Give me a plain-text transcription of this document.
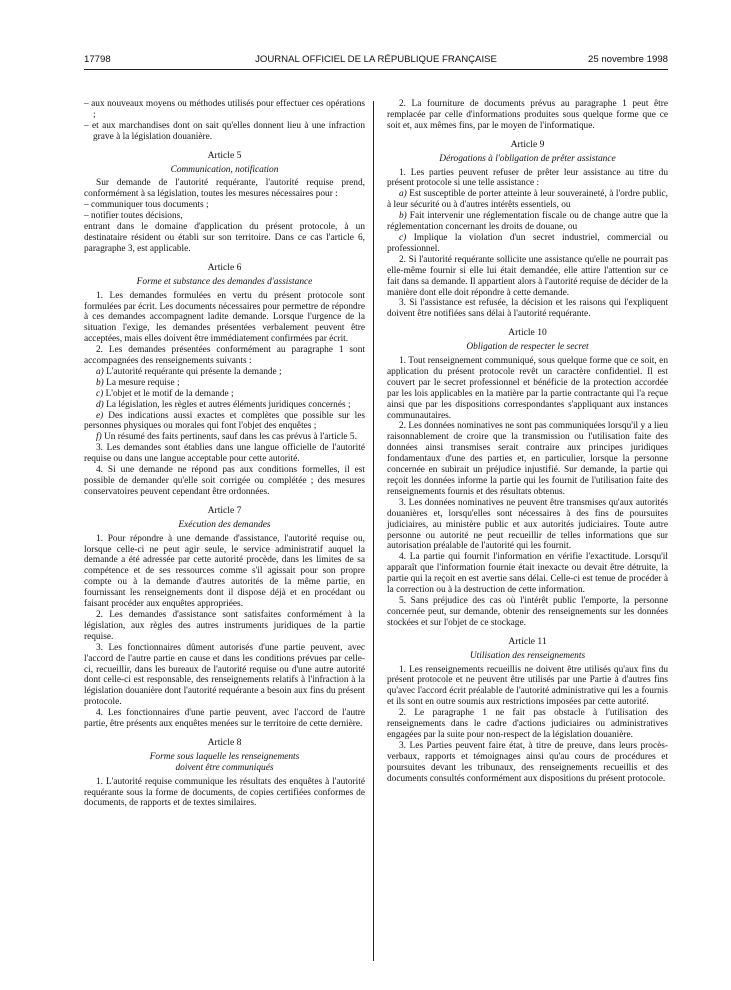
17798	JOURNAL OFFICIEL DE LA RÉPUBLIQUE FRANÇAISE	25 novembre 1998

– aux nouveaux moyens ou méthodes utilisés pour effectuer ces opérations ;

– et aux marchandises dont on sait qu'elles donnent lieu à une infraction grave à la législation douanière.

Article 5
Communication, notification

Sur demande de l'autorité requérante, l'autorité requise prend, conformément à sa législation, toutes les mesures nécessaires pour :

– communiquer tous documents ;

– notifier toutes décisions,

entrant dans le domaine d'application du présent protocole, à un destinataire résident ou établi sur son territoire. Dans ce cas l'article 6, paragraphe 3, est applicable.

Article 6
Forme et substance des demandes d'assistance

1. Les demandes formulées en vertu du présent protocole sont formulées par écrit. Les documents nécessaires pour permettre de répondre à ces demandes accompagnent ladite demande. Lorsque l'urgence de la situation l'exige, les demandes présentées verbalement peuvent être acceptées, mais elles doivent être immédiatement confirmées par écrit.

2. Les demandes présentées conformément au paragraphe 1 sont accompagnées des renseignements suivants :

a) L'autorité requérante qui présente la demande ;

b) La mesure requise ;

c) L'objet et le motif de la demande ;

d) La législation, les règles et autres éléments juridiques concernés ;

e) Des indications aussi exactes et complètes que possible sur les personnes physiques ou morales qui font l'objet des enquêtes ;

f) Un résumé des faits pertinents, sauf dans les cas prévus à l'article 5.

3. Les demandes sont établies dans une langue officielle de l'autorité requise ou dans une langue acceptable pour cette autorité.

4. Si une demande ne répond pas aux conditions formelles, il est possible de demander qu'elle soit corrigée ou complétée ; des mesures conservatoires peuvent cependant être ordonnées.

Article 7
Exécution des demandes

1. Pour répondre à une demande d'assistance, l'autorité requise ou, lorsque celle-ci ne peut agir seule, le service administratif auquel la demande a été adressée par cette autorité procède, dans les limites de sa compétence et de ses ressources comme s'il agissait pour son propre compte ou à la demande d'autres autorités de la même partie, en fournissant les renseignements dont il dispose déjà et en procédant ou faisant procéder aux enquêtes appropriées.

2. Les demandes d'assistance sont satisfaites conformément à la législation, aux règles des autres instruments juridiques de la partie requise.

3. Les fonctionnaires dûment autorisés d'une partie peuvent, avec l'accord de l'autre partie en cause et dans les conditions prévues par celle-ci, recueillir, dans les bureaux de l'autorité requise ou d'une autre autorité dont celle-ci est responsable, des renseignements relatifs à l'infraction à la législation douanière dont l'autorité requérante a besoin aux fins du présent protocole.

4. Les fonctionnaires d'une partie peuvent, avec l'accord de l'autre partie, être présents aux enquêtes menées sur le territoire de cette dernière.

Article 8
Forme sous laquelle les renseignements
doivent être communiqués

1. L'autorité requise communique les résultats des enquêtes à l'autorité requérante sous la forme de documents, de copies certifiées conformes de documents, de rapports et de textes similaires.

2. La fourniture de documents prévus au paragraphe 1 peut être remplacée par celle d'informations produites sous quelque forme que ce soit et, aux mêmes fins, par le moyen de l'informatique.

Article 9
Dérogations à l'obligation de prêter assistance

1. Les parties peuvent refuser de prêter leur assistance au titre du présent protocole si une telle assistance :

a) Est susceptible de porter atteinte à leur souveraineté, à l'ordre public, à leur sécurité ou à d'autres intérêts essentiels, ou

b) Fait intervenir une réglementation fiscale ou de change autre que la réglementation concernant les droits de douane, ou

c) Implique la violation d'un secret industriel, commercial ou professionnel.

2. Si l'autorité requérante sollicite une assistance qu'elle ne pourrait pas elle-même fournir si elle lui était demandée, elle attire l'attention sur ce fait dans sa demande. Il appartient alors à l'autorité requise de décider de la manière dont elle doit répondre à cette demande.

3. Si l'assistance est refusée, la décision et les raisons qui l'expliquent doivent être notifiées sans délai à l'autorité requérante.

Article 10
Obligation de respecter le secret

1. Tout renseignement communiqué, sous quelque forme que ce soit, en application du présent protocole revêt un caractère confidentiel. Il est couvert par le secret professionnel et bénéficie de la protection accordée par les lois applicables en la matière par la partie contractante qui l'a reçue ainsi que par les dispositions correspondantes s'appliquant aux instances communautaires.

2. Les données nominatives ne sont pas communiquées lorsqu'il y a lieu raisonnablement de croire que la transmission ou l'utilisation faite des données ainsi transmises serait contraire aux principes juridiques fondamentaux d'une des parties et, en particulier, lorsque la personne concernée en subirait un préjudice injustifié. Sur demande, la partie qui reçoit les données informe la partie qui les fournit de l'utilisation faite des renseignements fournis et des résultats obtenus.

3. Les données nominatives ne peuvent être transmises qu'aux autorités douanières et, lorsqu'elles sont nécessaires à des fins de poursuites judiciaires, au ministère public et aux autorités judiciaires. Toute autre personne ou autorité ne peut recueillir de telles informations que sur autorisation préalable de l'autorité qui les fournit.

4. La partie qui fournit l'information en vérifie l'exactitude. Lorsqu'il apparaît que l'information fournie était inexacte ou devait être détruite, la partie qui la reçoit en est avertie sans délai. Celle-ci est tenue de procéder à la correction ou à la destruction de cette information.

5. Sans préjudice des cas où l'intérêt public l'emporte, la personne concernée peut, sur demande, obtenir des renseignements sur les données stockées et sur l'objet de ce stockage.

Article 11
Utilisation des renseignements

1. Les renseignements recueillis ne doivent être utilisés qu'aux fins du présent protocole et ne peuvent être utilisés par une Partie à d'autres fins qu'avec l'accord écrit préalable de l'autorité administrative qui les a fournis et ils sont en outre soumis aux restrictions imposées par cette autorité.

2. Le paragraphe 1 ne fait pas obstacle à l'utilisation des renseignements dans le cadre d'actions judiciaires ou administratives engagées par la suite pour non-respect de la législation douanière.

3. Les Parties peuvent faire état, à titre de preuve, dans leurs procès-verbaux, rapports et témoignages ainsi qu'au cours de procédures et poursuites devant les tribunaux, des renseignements recueillis et des documents consultés conformément aux dispositions du présent protocole.
